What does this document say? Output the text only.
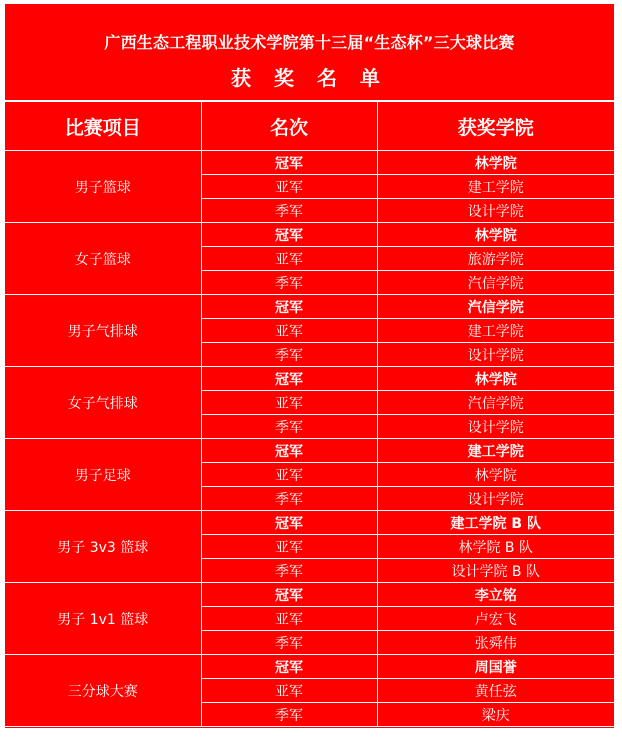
广西生态工程职业技术学院第十三届“生态杯”三大球比赛
获 奖 名 单
比赛项目	名次	获奖学院
男子篮球	冠军	林学院
	亚军	建工学院
	季军	设计学院
女子篮球	冠军	林学院
	亚军	旅游学院
	季军	汽信学院
男子气排球	冠军	汽信学院
	亚军	建工学院
	季军	设计学院
女子气排球	冠军	林学院
	亚军	汽信学院
	季军	设计学院
男子足球	冠军	建工学院
	亚军	林学院
	季军	设计学院
男子 3v3 篮球	冠军	建工学院 B 队
	亚军	林学院 B 队
	季军	设计学院 B 队
男子 1v1 篮球	冠军	李立铭
	亚军	卢宏飞
	季军	张舜伟
三分球大赛	冠军	周国誉
	亚军	黄任弦
	季军	梁庆
